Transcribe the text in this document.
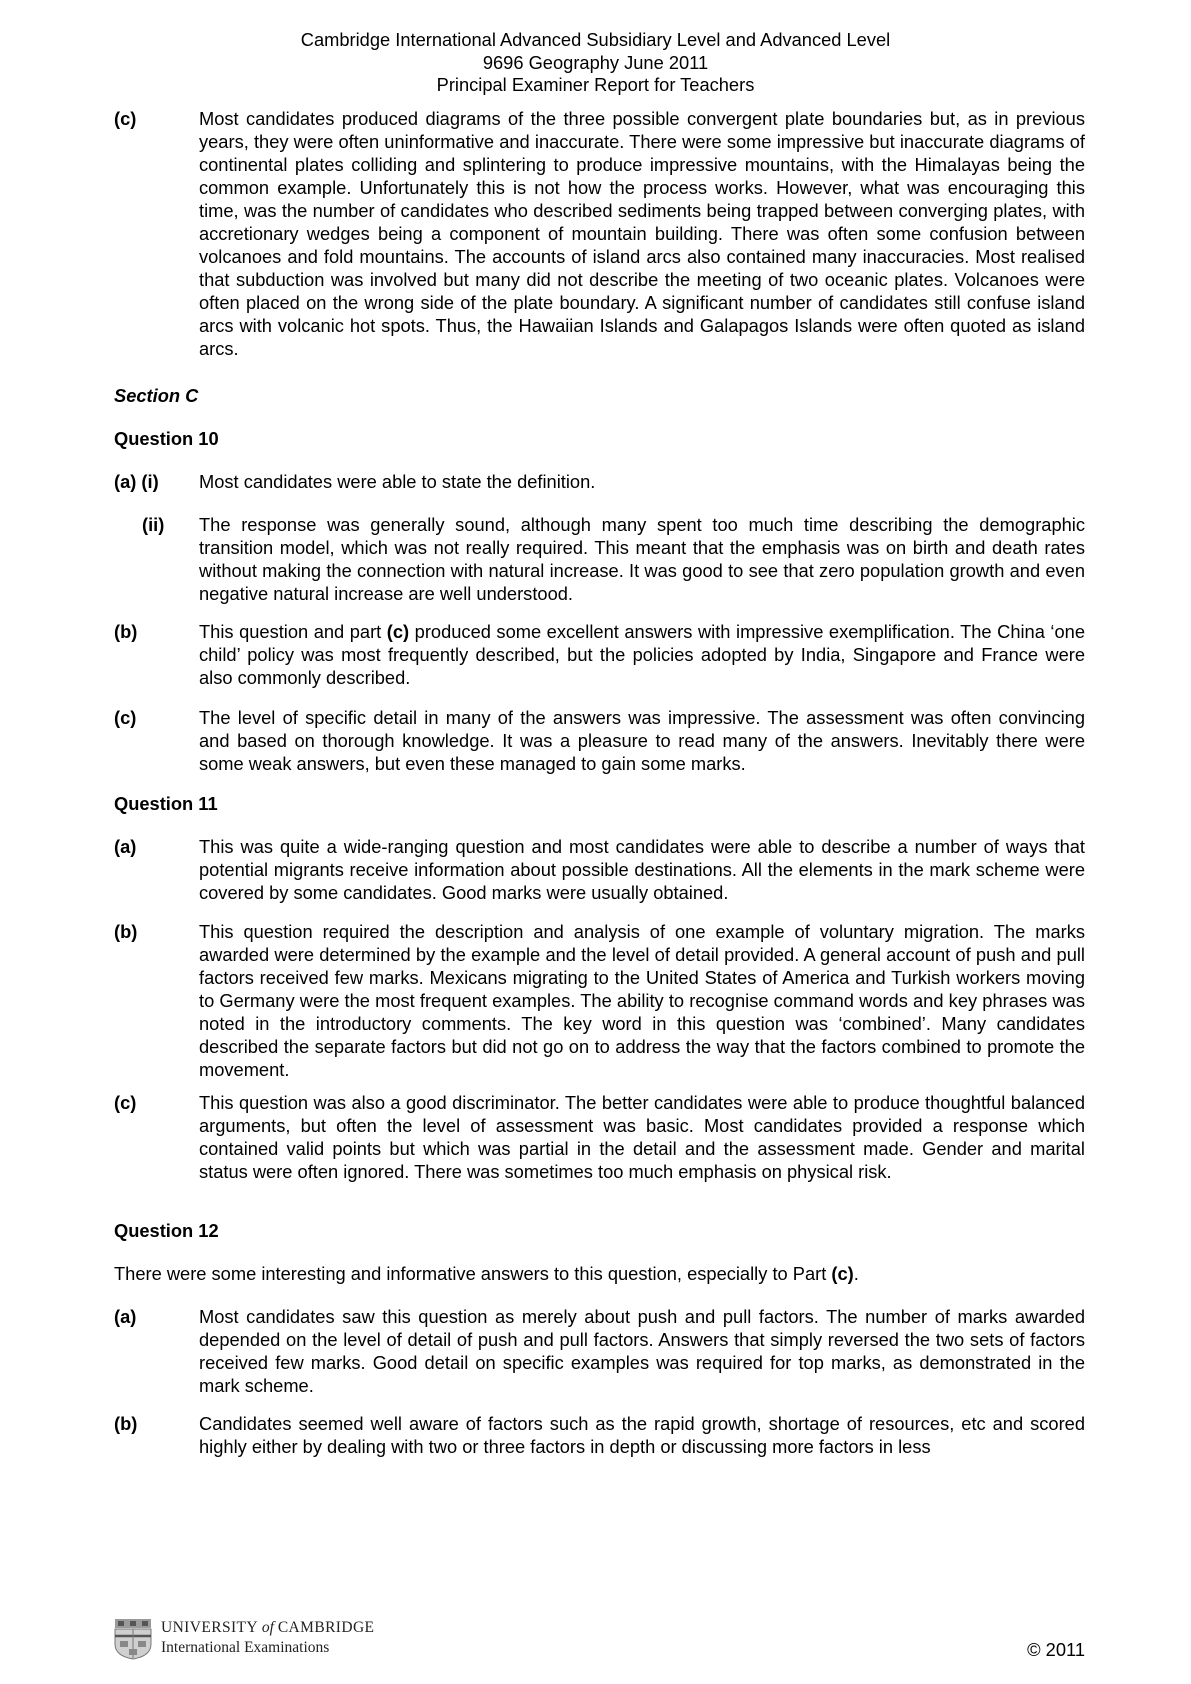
Cambridge International Advanced Subsidiary Level and Advanced Level
9696 Geography June 2011
Principal Examiner Report for Teachers
(c)	Most candidates produced diagrams of the three possible convergent plate boundaries but, as in previous years, they were often uninformative and inaccurate. There were some impressive but inaccurate diagrams of continental plates colliding and splintering to produce impressive mountains, with the Himalayas being the common example. Unfortunately this is not how the process works. However, what was encouraging this time, was the number of candidates who described sediments being trapped between converging plates, with accretionary wedges being a component of mountain building. There was often some confusion between volcanoes and fold mountains. The accounts of island arcs also contained many inaccuracies. Most realised that subduction was involved but many did not describe the meeting of two oceanic plates. Volcanoes were often placed on the wrong side of the plate boundary. A significant number of candidates still confuse island arcs with volcanic hot spots. Thus, the Hawaiian Islands and Galapagos Islands were often quoted as island arcs.
Section C
Question 10
(a) (i) Most candidates were able to state the definition.
(ii) The response was generally sound, although many spent too much time describing the demographic transition model, which was not really required. This meant that the emphasis was on birth and death rates without making the connection with natural increase. It was good to see that zero population growth and even negative natural increase are well understood.
(b)	This question and part (c) produced some excellent answers with impressive exemplification. The China ‘one child’ policy was most frequently described, but the policies adopted by India, Singapore and France were also commonly described.
(c)	The level of specific detail in many of the answers was impressive. The assessment was often convincing and based on thorough knowledge. It was a pleasure to read many of the answers. Inevitably there were some weak answers, but even these managed to gain some marks.
Question 11
(a)	This was quite a wide-ranging question and most candidates were able to describe a number of ways that potential migrants receive information about possible destinations. All the elements in the mark scheme were covered by some candidates. Good marks were usually obtained.
(b)	This question required the description and analysis of one example of voluntary migration. The marks awarded were determined by the example and the level of detail provided. A general account of push and pull factors received few marks. Mexicans migrating to the United States of America and Turkish workers moving to Germany were the most frequent examples. The ability to recognise command words and key phrases was noted in the introductory comments. The key word in this question was ‘combined’. Many candidates described the separate factors but did not go on to address the way that the factors combined to promote the movement.
(c)	This question was also a good discriminator. The better candidates were able to produce thoughtful balanced arguments, but often the level of assessment was basic. Most candidates provided a response which contained valid points but which was partial in the detail and the assessment made. Gender and marital status were often ignored. There was sometimes too much emphasis on physical risk.
Question 12
There were some interesting and informative answers to this question, especially to Part (c).
(a)	Most candidates saw this question as merely about push and pull factors. The number of marks awarded depended on the level of detail of push and pull factors. Answers that simply reversed the two sets of factors received few marks. Good detail on specific examples was required for top marks, as demonstrated in the mark scheme.
(b)	Candidates seemed well aware of factors such as the rapid growth, shortage of resources, etc and scored highly either by dealing with two or three factors in depth or discussing more factors in less
UNIVERSITY of CAMBRIDGE
International Examinations	© 2011
